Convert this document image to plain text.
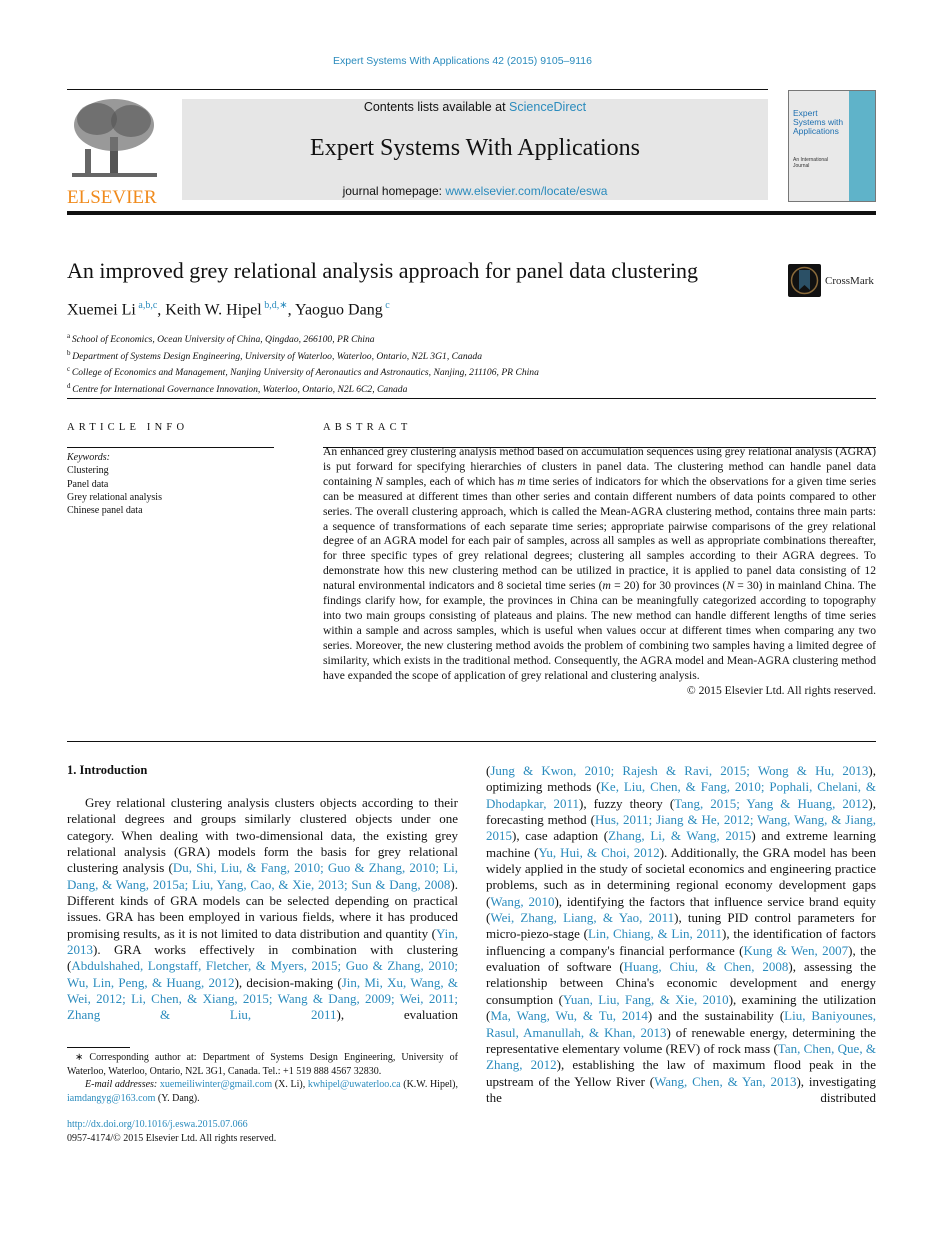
Expert Systems With Applications 42 (2015) 9105–9116
ELSEVIER
Contents lists available at ScienceDirect
Expert Systems With Applications
journal homepage: www.elsevier.com/locate/eswa
Expert Systems with Applications
An International Journal
An improved grey relational analysis approach for panel data clustering	CrossMark
Xuemei Li $^{a,b,c}$, Keith W. Hipel $^{b,d,∗}$, Yaoguo Dang $^c$
$^a$ School of Economics, Ocean University of China, Qingdao, 266100, PR China
$^b$ Department of Systems Design Engineering, University of Waterloo, Waterloo, Ontario, N2L 3G1, Canada
$^c$ College of Economics and Management, Nanjing University of Aeronautics and Astronautics, Nanjing, 211106, PR China
$^d$ Centre for International Governance Innovation, Waterloo, Ontario, N2L 6C2, Canada
ARTICLE INFO
Keywords:
Clustering
Panel data
Grey relational analysis
Chinese panel data
ABSTRACT
An enhanced grey clustering analysis method based on accumulation sequences using grey relational analysis (AGRA) is put forward for specifying hierarchies of clusters in panel data. The clustering method can handle panel data containing N samples, each of which has m time series of indicators for which the observations for a given time series can be measured at different times than other series and contain different numbers of data points compared to other series. The overall clustering approach, which is called the Mean-AGRA clustering method, contains three main parts: a sequence of transformations of each separate time series; appropriate pairwise comparisons of the grey relational degree of an AGRA model for each pair of samples, across all samples as well as appropriate combinations thereafter, for three specific types of grey relational degrees; clustering all samples according to their AGRA degrees. To demonstrate how this new clustering method can be utilized in practice, it is applied to panel data consisting of 12 natural environmental indicators and 8 societal time series (m = 20) for 30 provinces (N = 30) in mainland China. The findings clarify how, for example, the provinces in China can be meaningfully categorized according to topography into two main groups consisting of plateaus and plains. The new method can handle different lengths of time series within a sample and across samples, which is useful when values occur at different times when comparing any two series. Moreover, the new clustering method avoids the problem of combining two samples having a limited degree of similarity, which exists in the traditional method. Consequently, the AGRA model and Mean-AGRA clustering method have expanded the scope of application of grey relational and clustering analysis.
© 2015 Elsevier Ltd. All rights reserved.
1. Introduction
Grey relational clustering analysis clusters objects according to their relational degrees and groups similarly clustered objects under one category. When dealing with two-dimensional data, the existing grey relational analysis (GRA) models form the basis for grey relational clustering analysis (Du, Shi, Liu, & Fang, 2010; Guo & Zhang, 2010; Li, Dang, & Wang, 2015a; Liu, Yang, Cao, & Xie, 2013; Sun & Dang, 2008). Different kinds of GRA models can be selected depending on practical issues. GRA has been employed in various fields, where it has produced promising results, as it is not limited to data distribution and quantity (Yin, 2013). GRA works effectively in combination with clustering (Abdulshahed, Longstaff, Fletcher, & Myers, 2015; Guo & Zhang, 2010; Wu, Lin, Peng, & Huang, 2012), decision-making (Jin, Mi, Xu, Wang, & Wei, 2012; Li, Chen, & Xiang, 2015; Wang & Dang, 2009; Wei, 2011; Zhang & Liu, 2011), evaluation
(Jung & Kwon, 2010; Rajesh & Ravi, 2015; Wong & Hu, 2013), optimizing methods (Ke, Liu, Chen, & Fang, 2010; Pophali, Chelani, & Dhodapkar, 2011), fuzzy theory (Tang, 2015; Yang & Huang, 2012), forecasting method (Hus, 2011; Jiang & He, 2012; Wang, Wang, & Jiang, 2015), case adaption (Zhang, Li, & Wang, 2015) and extreme learning machine (Yu, Hui, & Choi, 2012). Additionally, the GRA model has been widely applied in the study of societal economics and engineering practice problems, such as in determining regional economy development gaps (Wang, 2010), identifying the factors that influence service brand equity (Wei, Zhang, Liang, & Yao, 2011), tuning PID control parameters for micro-piezo-stage (Lin, Chiang, & Lin, 2011), the identification of factors influencing a company's financial performance (Kung & Wen, 2007), the evaluation of software (Huang, Chiu, & Chen, 2008), assessing the relationship between China's economic development and energy consumption (Yuan, Liu, Fang, & Xie, 2010), examining the utilization (Ma, Wang, Wu, & Tu, 2014) and the sustainability (Liu, Baniyounes, Rasul, Amanullah, & Khan, 2013) of renewable energy, determining the representative elementary volume (REV) of rock mass (Tan, Chen, Que, & Zhang, 2012), establishing the law of maximum flood peak in the upstream of the Yellow River (Wang, Chen, & Yan, 2013), investigating the distributed
∗ Corresponding author at: Department of Systems Design Engineering, University of Waterloo, Waterloo, Ontario, N2L 3G1, Canada. Tel.: +1 519 888 4567 32830.
E-mail addresses: xuemeiliwinter@gmail.com (X. Li), kwhipel@uwaterloo.ca (K.W. Hipel), iamdangyg@163.com (Y. Dang).
http://dx.doi.org/10.1016/j.eswa.2015.07.066
0957-4174/© 2015 Elsevier Ltd. All rights reserved.
